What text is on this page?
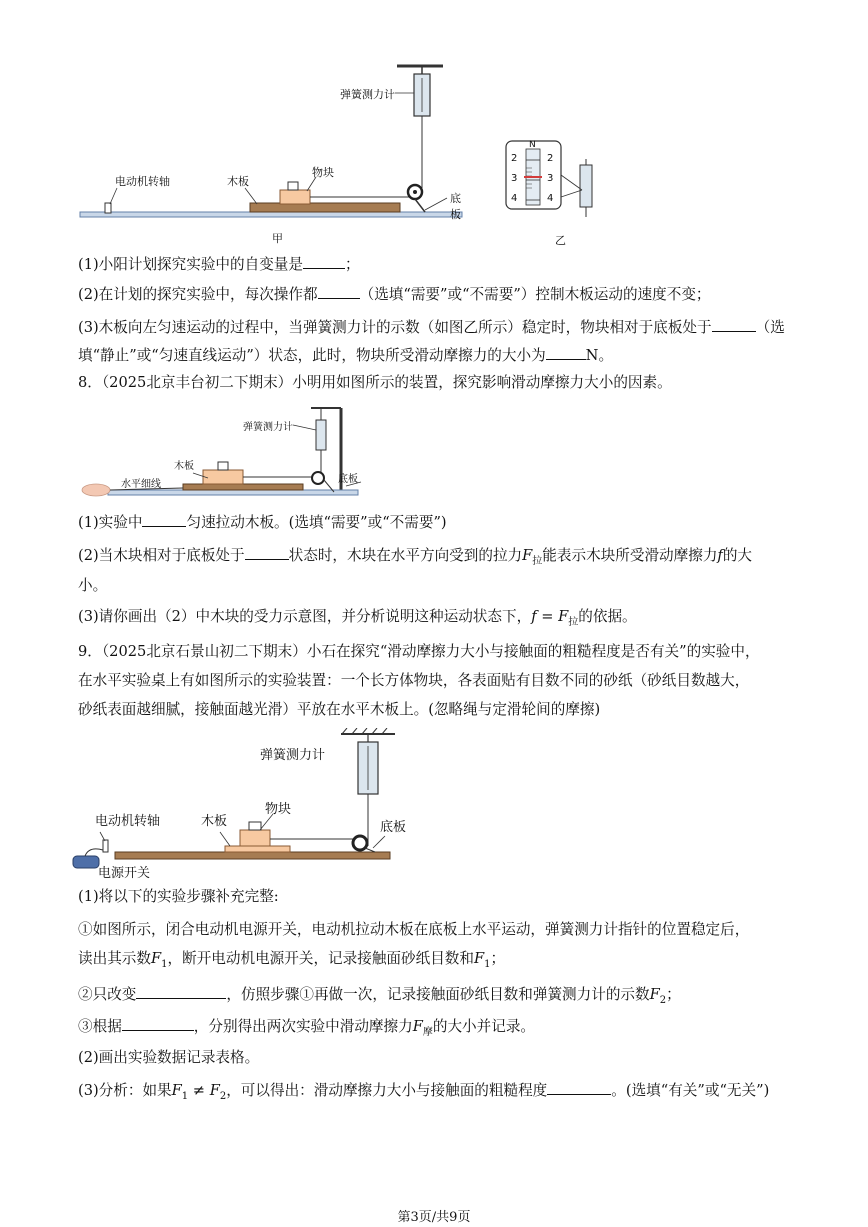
弹簧测力计
电动机转轴	木板
物块
底板
甲
N
2
3
4
2
3
4
乙
(1)小阳计划探究实验中的自变量是	；
(2)在计划的探究实验中，每次操作都	（选填“需要”或“不需要”）控制木板运动的速度不变；
(3)木板向左匀速运动的过程中，当弹簧测力计的示数（如图乙所示）稳定时，物块相对于底板处于	（选填“静止”或“匀速直线运动”）状态，此时，物块所受滑动摩擦力的大小为	N。
8．（2025北京丰台初二下期末）小明用如图所示的装置，探究影响滑动摩擦力大小的因素。
弹簧测力计
木板
水平细线	底板
(1)实验中	匀速拉动木板。(选填“需要”或“不需要”)
(2)当木块相对于底板处于	状态时，木块在水平方向受到的拉力$F_拉$能表示木块所受滑动摩擦力f的大
小。
(3)请你画出（2）中木块的受力示意图，并分析说明这种运动状态下，$f = F_拉$的依据。
9．（2025北京石景山初二下期末）小石在探究“滑动摩擦力大小与接触面的粗糙程度是否有关”的实验中，
在水平实验桌上有如图所示的实验装置：一个长方体物块，各表面贴有目数不同的砂纸（砂纸目数越大，
砂纸表面越细腻，接触面越光滑）平放在水平木板上。(忽略绳与定滑轮间的摩擦)
弹簧测力计
电动机转轴	木板
物块
底板
电源开关
(1)将以下的实验步骤补充完整:
①如图所示，闭合电动机电源开关，电动机拉动木板在底板上水平运动，弹簧测力计指针的位置稳定后，
读出其示数$F_1$，断开电动机电源开关，记录接触面砂纸目数和$F_1$；
②只改变	，仿照步骤①再做一次，记录接触面砂纸目数和弹簧测力计的示数$F_2$；
③根据	，分别得出两次实验中滑动摩擦力$F_摩$的大小并记录。
(2)画出实验数据记录表格。
(3)分析：如果$F_1 \ne F_2$，可以得出：滑动摩擦力大小与接触面的粗糙程度	。(选填“有关”或“无关”)
第3页/共9页
